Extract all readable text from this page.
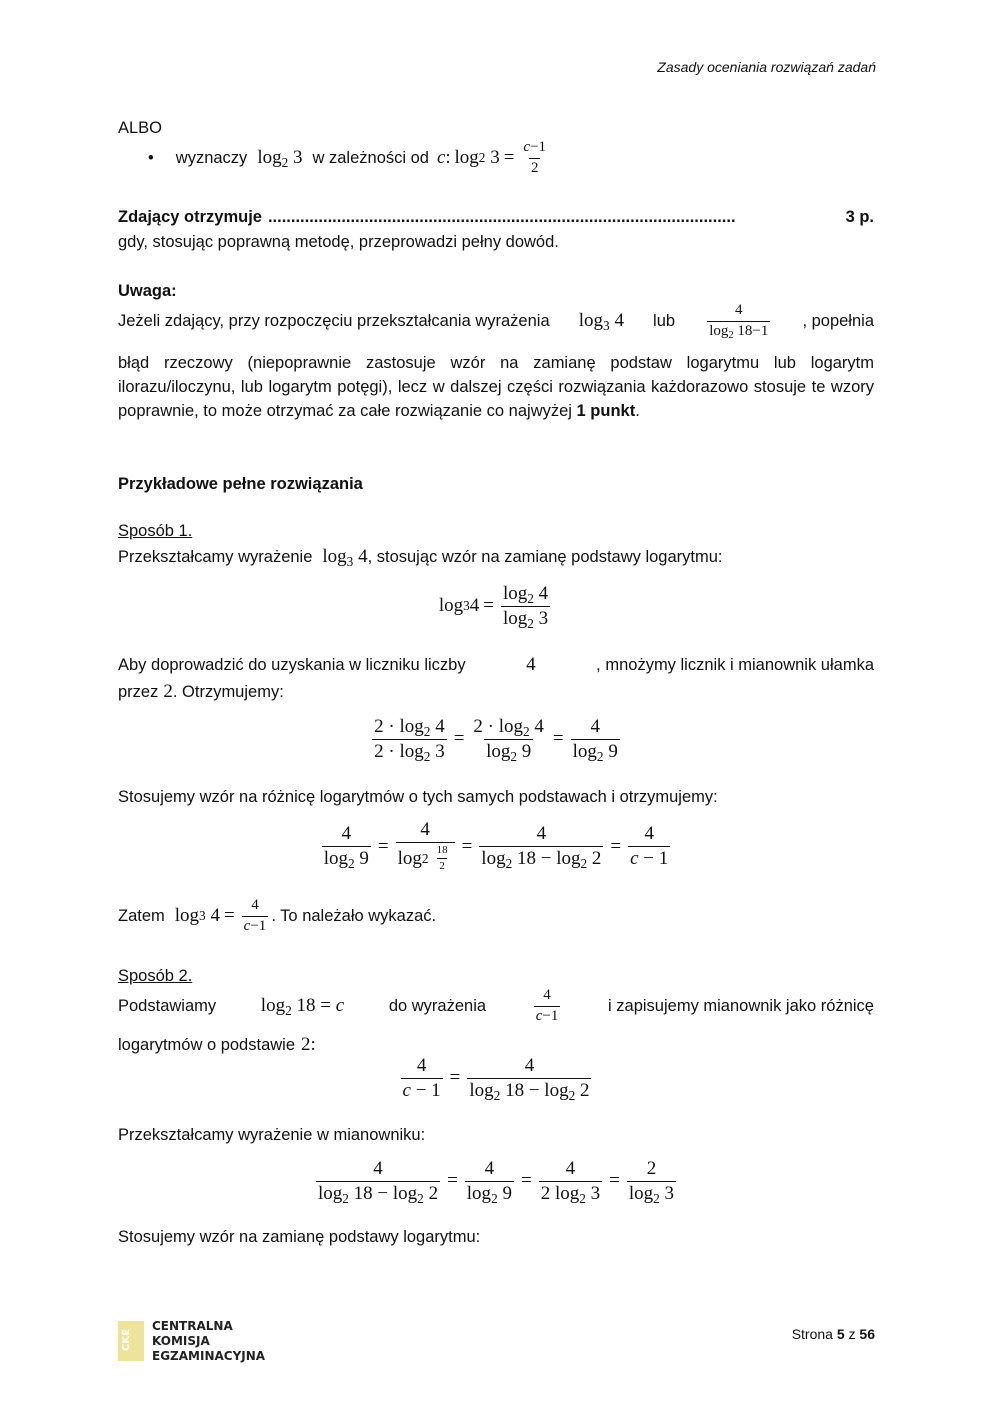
Zasady oceniania rozwiązań zadań
ALBO
• wyznaczy $\log_2 3$ w zależności od c : log 2 $3 = \frac{c-1}{2}$
Zdający otrzymuje ......................................................................................................	3 p.
gdy, stosując poprawną metodę, przeprowadzi pełny dowód.
Uwaga:
Jeżeli zdający, przy rozpoczęciu przekształcania wyrażenia $\log_3 4$ lub $\frac{4}{\log_2 18-1}$ , popełnia
błąd rzeczowy (niepoprawnie zastosuje wzór na zamianę podstaw logarytmu lub logarytm ilorazu/iloczynu, lub logarytm potęgi), lecz w dalszej części rozwiązania każdorazowo stosuje te wzory poprawnie, to może otrzymać za całe rozwiązanie co najwyżej 1 punkt.
Przykładowe pełne rozwiązania
Sposób 1.
Przekształcamy wyrażenie $\log_3 4$ , stosując wzór na zamianę podstawy logarytmu:
log 3 $4 = \frac{\log_2 4}{\log_2 3}$
Aby doprowadzić do uzyskania w liczniku liczby	4	, mnożymy licznik i mianownik ułamka
przez 2 . Otrzymujemy:
$\frac{2 \cdot \log_2 4}{2 \cdot \log_2 3} = \frac{2 \cdot \log_2 4}{\log_2 9} = \frac{4}{\log_2 9}$
Stosujemy wzór na różnicę logarytmów o tych samych podstawach i otrzymujemy:
$\frac{4}{\log_2 9} = \frac{4}{\log 2 \frac{18}{2}} = \frac{4}{\log_2 18 - \log_2 2} = \frac{4}{c - 1}$
Zatem log 3 $4 = \frac{4}{c-1}$ . To należało wykazać.
Sposób 2.
Podstawiamy $\log_2 18 = c$	do wyrażenia	$\frac{4}{c-1}$	i zapisujemy mianownik jako różnicę
logarytmów o podstawie 2:
$\frac{4}{c - 1} = \frac{4}{\log_2 18 - \log_2 2}$
Przekształcamy wyrażenie w mianowniku:
$\frac{4}{\log_2 18 - \log_2 2} = \frac{4}{\log_2 9} = \frac{4}{2 \log_2 3} = \frac{2}{\log_2 3}$
Stosujemy wzór na zamianę podstawy logarytmu:
CKE
CENTRALNA
KOMISJA
EGZAMINACYJNA
Strona 5 z 56
